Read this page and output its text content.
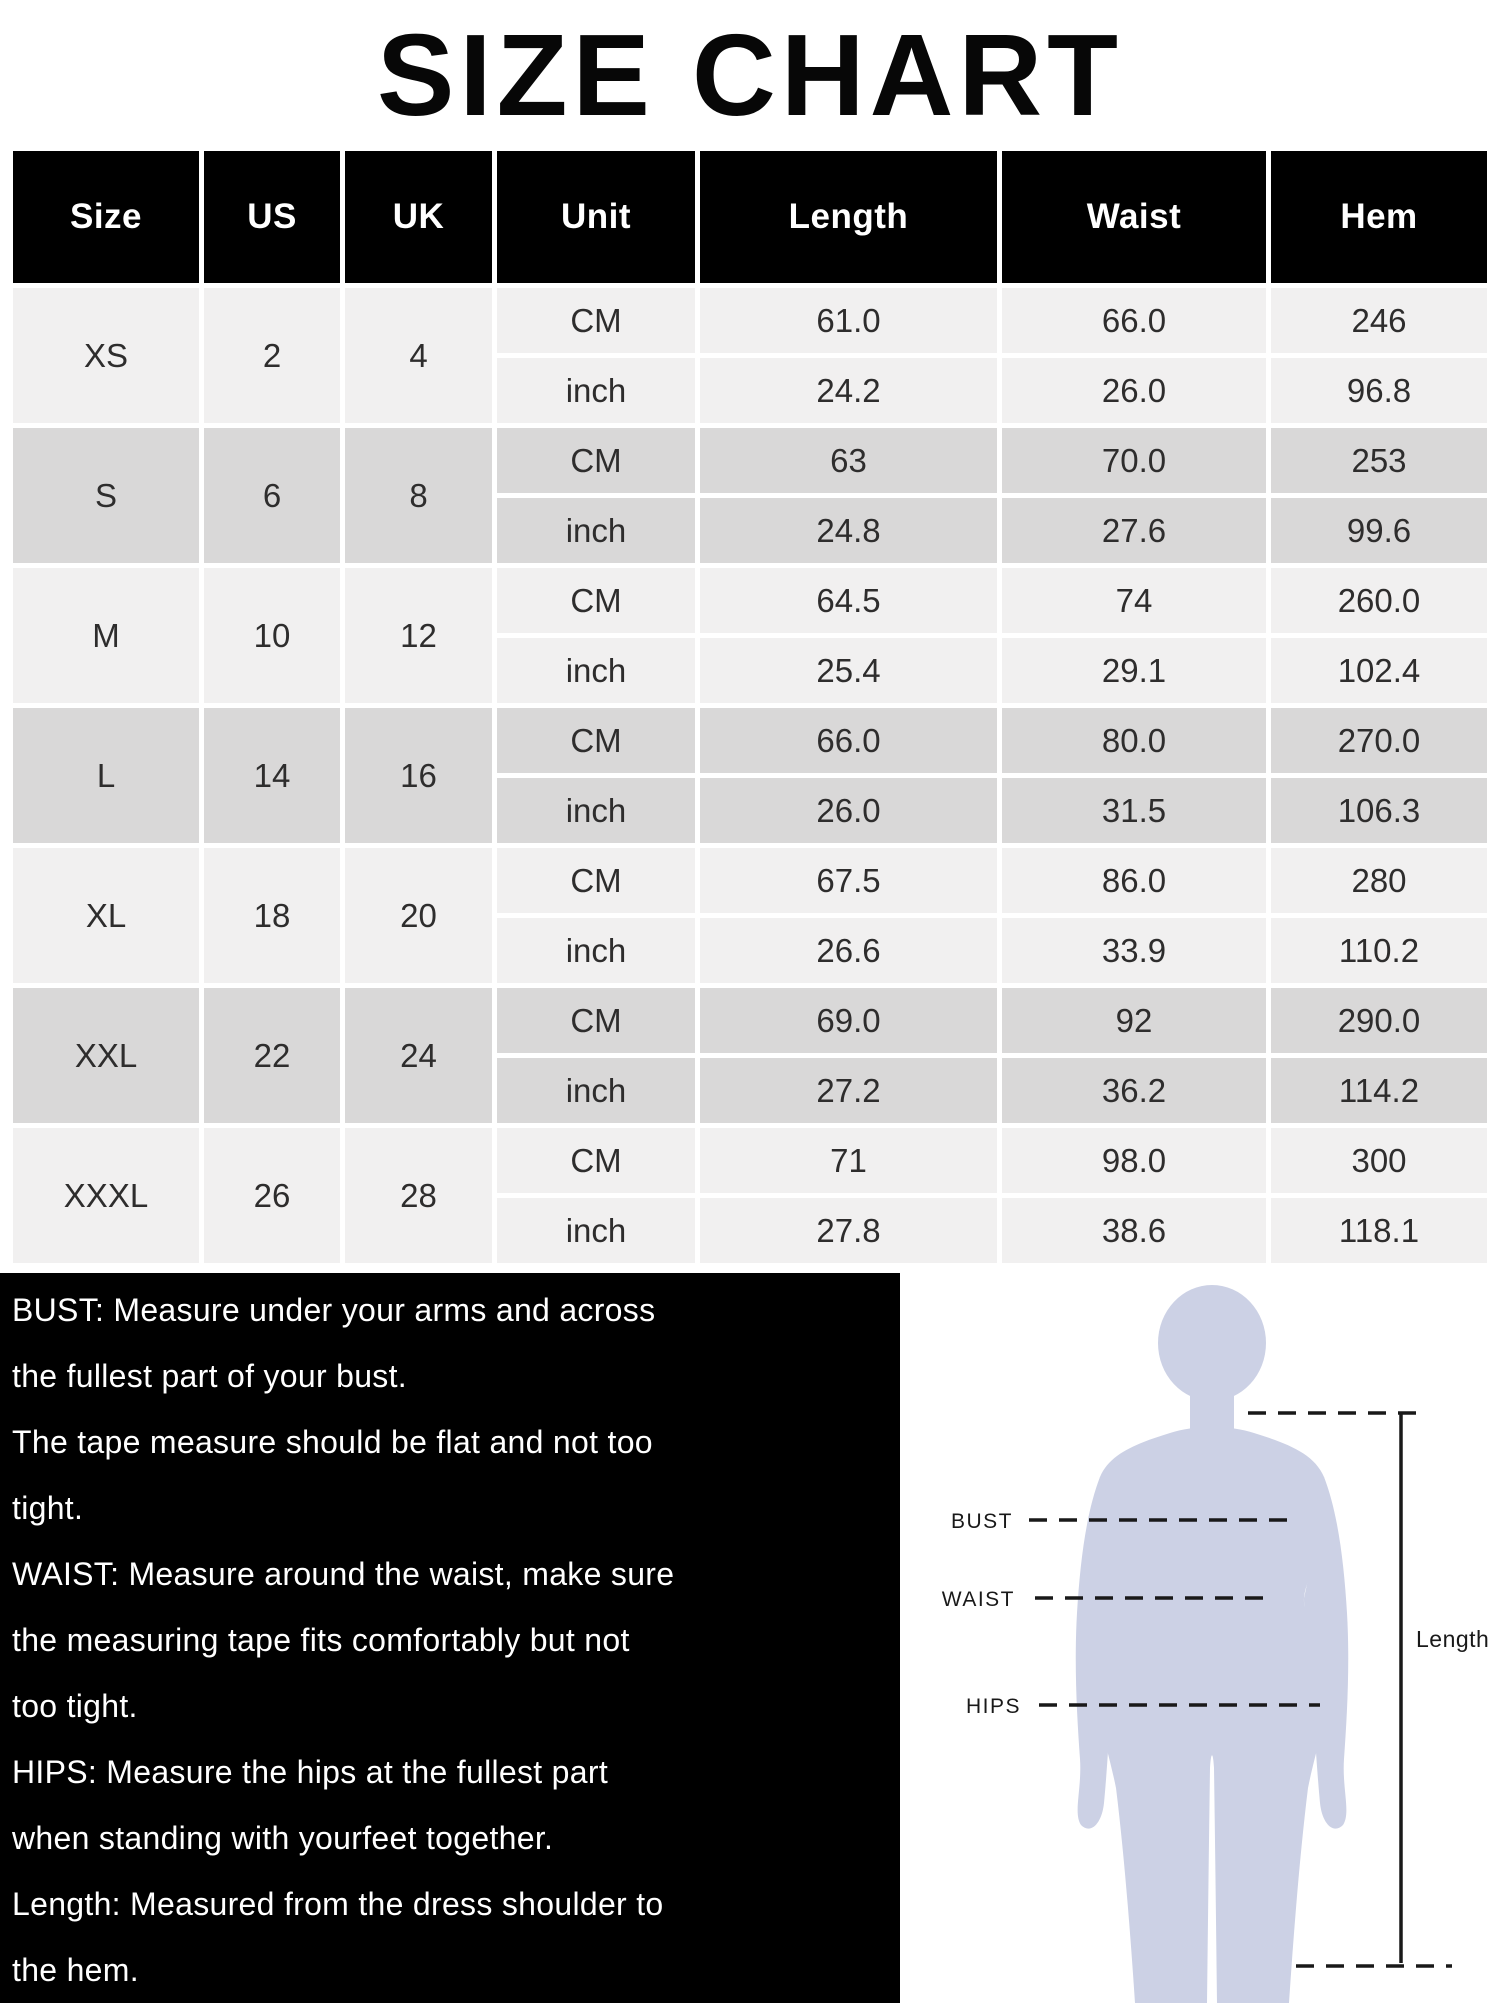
SIZE CHART
Size	US	UK	Unit	Length	Waist	Hem
XS	2	4	CM	61.0	66.0	246
			inch	24.2	26.0	96.8
S	6	8	CM	63	70.0	253
			inch	24.8	27.6	99.6
M	10	12	CM	64.5	74	260.0
			inch	25.4	29.1	102.4
L	14	16	CM	66.0	80.0	270.0
			inch	26.0	31.5	106.3
XL	18	20	CM	67.5	86.0	280
			inch	26.6	33.9	110.2
XXL	22	24	CM	69.0	92	290.0
			inch	27.2	36.2	114.2
XXXL	26	28	CM	71	98.0	300
			inch	27.8	38.6	118.1
BUST: Measure under your arms and across
the fullest part of your bust.
The tape measure should be flat and not too
tight.
WAIST: Measure around the waist, make sure
the measuring tape fits comfortably but not
too tight.
HIPS: Measure the hips at the fullest part
when standing with yourfeet together.
Length: Measured from the dress shoulder to
the hem.
BUST
WAIST
HIPS
Length
